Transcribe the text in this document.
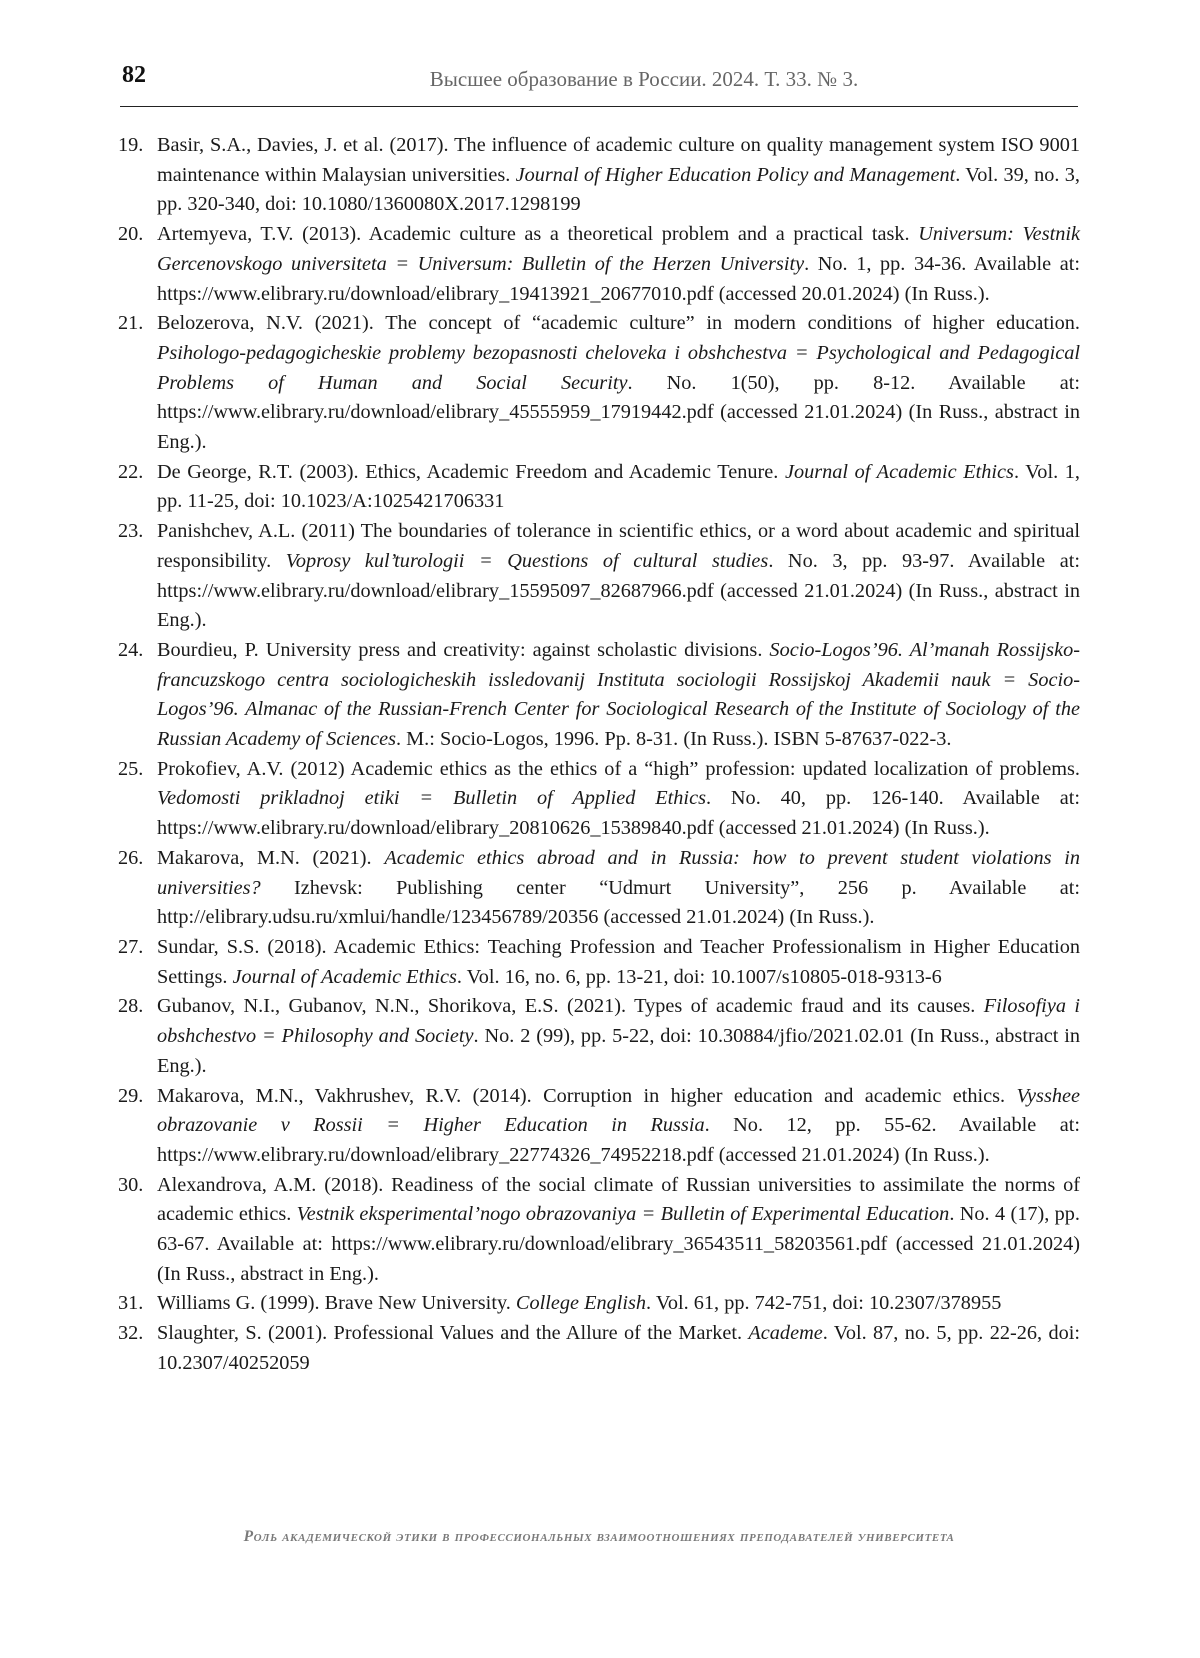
82	Высшее образование в России. 2024. Т. 33. № 3.
19. Basir, S.A., Davies, J. et al. (2017). The influence of academic culture on quality management system ISO 9001 maintenance within Malaysian universities. Journal of Higher Education Policy and Management. Vol. 39, no. 3, pp. 320-340, doi: 10.1080/1360080X.2017.1298199
20. Artemyeva, T.V. (2013). Academic culture as a theoretical problem and a practical task. Universum: Vestnik Gercenovskogo universiteta = Universum: Bulletin of the Herzen University. No. 1, pp. 34-36. Available at: https://www.elibrary.ru/download/elibrary_19413921_20677010.pdf (accessed 20.01.2024) (In Russ.).
21. Belozerova, N.V. (2021). The concept of “academic culture” in modern conditions of higher education. Psihologo-pedagogicheskie problemy bezopasnosti cheloveka i obshchestva = Psychological and Pedagogical Problems of Human and Social Security. No. 1(50), pp. 8-12. Available at: https://www.elibrary.ru/download/elibrary_45555959_17919442.pdf (accessed 21.01.2024) (In Russ., abstract in Eng.).
22. De George, R.T. (2003). Ethics, Academic Freedom and Academic Tenure. Journal of Academic Ethics. Vol. 1, pp. 11-25, doi: 10.1023/A:1025421706331
23. Panishchev, A.L. (2011) The boundaries of tolerance in scientific ethics, or a word about academic and spiritual responsibility. Voprosy kul’turologii = Questions of cultural studies. No. 3, pp. 93-97. Available at: https://www.elibrary.ru/download/elibrary_15595097_82687966.pdf (accessed 21.01.2024) (In Russ., abstract in Eng.).
24. Bourdieu, P. University press and creativity: against scholastic divisions. Socio-Logos’96. Al’manah Rossijsko-francuzskogo centra sociologicheskih issledovanij Instituta sociologii Rossijskoj Akademii nauk = Socio-Logos’96. Almanac of the Russian-French Center for Sociological Research of the Institute of Sociology of the Russian Academy of Sciences. M.: Socio-Logos, 1996. Pp. 8-31. (In Russ.). ISBN 5-87637-022-3.
25. Prokofiev, A.V. (2012) Academic ethics as the ethics of a “high” profession: updated localization of problems. Vedomosti prikladnoj etiki = Bulletin of Applied Ethics. No. 40, pp. 126-140. Available at: https://www.elibrary.ru/download/elibrary_20810626_15389840.pdf (accessed 21.01.2024) (In Russ.).
26. Makarova, M.N. (2021). Academic ethics abroad and in Russia: how to prevent student violations in universities? Izhevsk: Publishing center “Udmurt University”, 256 p. Available at: http://elibrary.udsu.ru/xmlui/handle/123456789/20356 (accessed 21.01.2024) (In Russ.).
27. Sundar, S.S. (2018). Academic Ethics: Teaching Profession and Teacher Professionalism in Higher Education Settings. Journal of Academic Ethics. Vol. 16, no. 6, pp. 13-21, doi: 10.1007/s10805-018-9313-6
28. Gubanov, N.I., Gubanov, N.N., Shorikova, E.S. (2021). Types of academic fraud and its causes. Filosofiya i obshchestvo = Philosophy and Society. No. 2 (99), pp. 5-22, doi: 10.30884/jfio/2021.02.01 (In Russ., abstract in Eng.).
29. Makarova, M.N., Vakhrushev, R.V. (2014). Corruption in higher education and academic ethics. Vysshee obrazovanie v Rossii = Higher Education in Russia. No. 12, pp. 55-62. Available at: https://www.elibrary.ru/download/elibrary_22774326_74952218.pdf (accessed 21.01.2024) (In Russ.).
30. Alexandrova, A.M. (2018). Readiness of the social climate of Russian universities to assimilate the norms of academic ethics. Vestnik eksperimental’nogo obrazovaniya = Bulletin of Experimental Education. No. 4 (17), pp. 63-67. Available at: https://www.elibrary.ru/download/elibrary_36543511_58203561.pdf (accessed 21.01.2024) (In Russ., abstract in Eng.).
31. Williams G. (1999). Brave New University. College English. Vol. 61, pp. 742-751, doi: 10.2307/378955
32. Slaughter, S. (2001). Professional Values and the Allure of the Market. Academe. Vol. 87, no. 5, pp. 22-26, doi: 10.2307/40252059
Роль академической этики в профессиональных взаимоотношениях преподавателей университета
